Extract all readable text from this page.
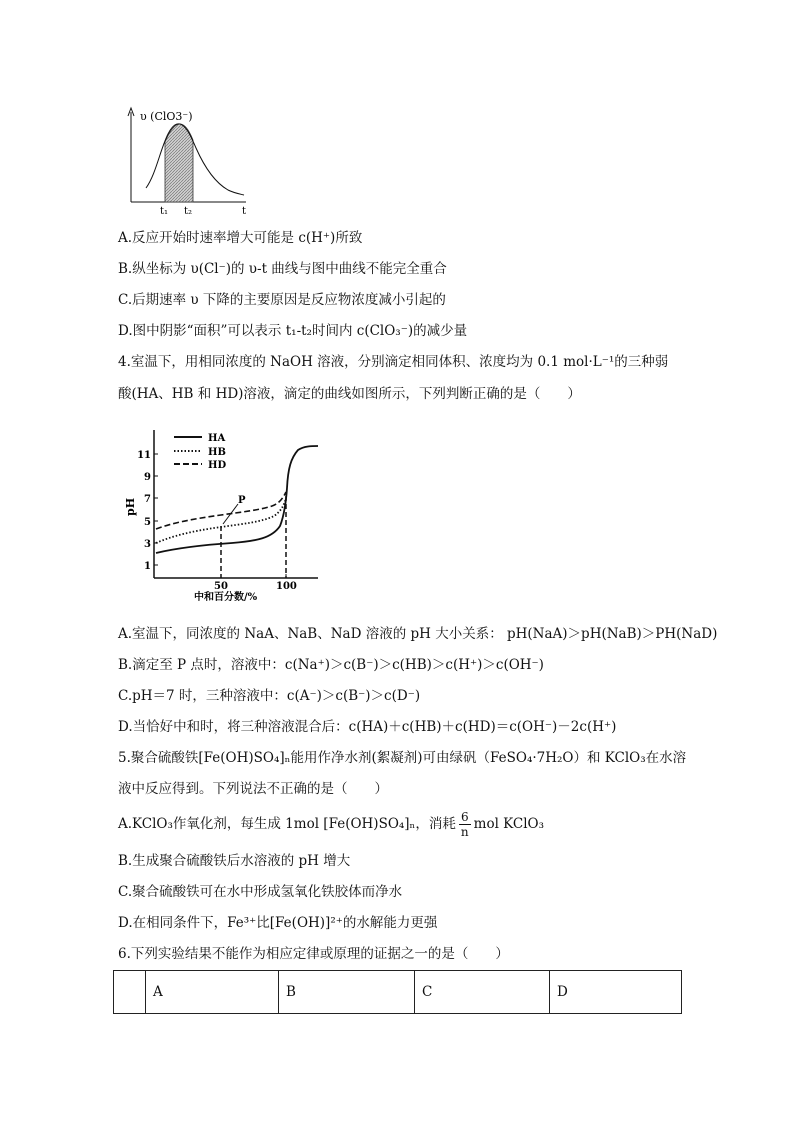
υ (ClO3⁻)
t₁ t₂	t
A.反应开始时速率增大可能是 c(H⁺)所致
B.纵坐标为 υ(Cl⁻)的 υ-t 曲线与图中曲线不能完全重合
C.后期速率 υ 下降的主要原因是反应物浓度减小引起的
D.图中阴影“面积”可以表示 t₁-t₂时间内 c(ClO₃⁻)的减少量
4.室温下，用相同浓度的 NaOH 溶液，分别滴定相同体积、浓度均为 0.1 mol·L⁻¹的三种弱
酸(HA、HB 和 HD)溶液，滴定的曲线如图所示，下列判断正确的是（　　）
1
3
5
7
9
11
pH
50	100
中和百分数/%
HA
HB
HD
P
A.室温下，同浓度的 NaA、NaB、NaD 溶液的 pH 大小关系： pH(NaA)＞pH(NaB)＞PH(NaD)
B.滴定至 P 点时，溶液中：c(Na⁺)＞c(B⁻)＞c(HB)＞c(H⁺)＞c(OH⁻)
C.pH＝7 时，三种溶液中：c(A⁻)＞c(B⁻)＞c(D⁻)
D.当恰好中和时，将三种溶液混合后：c(HA)＋c(HB)＋c(HD)＝c(OH⁻)－2c(H⁺)
5.聚合硫酸铁[Fe(OH)SO₄]ₙ能用作净水剂(絮凝剂)可由绿矾（FeSO₄·7H₂O）和 KClO₃在水溶
液中反应得到。下列说法不正确的是（　　）
A.KClO₃作氧化剂，每生成 1mol [Fe(OH)SO₄]ₙ，消耗 $\frac{6}{n}$ mol KClO₃
B.生成聚合硫酸铁后水溶液的 pH 增大
C.聚合硫酸铁可在水中形成氢氧化铁胶体而净水
D.在相同条件下，Fe³⁺比[Fe(OH)]²⁺的水解能力更强
6.下列实验结果不能作为相应定律或原理的证据之一的是（　　）
	A	B	C	D
